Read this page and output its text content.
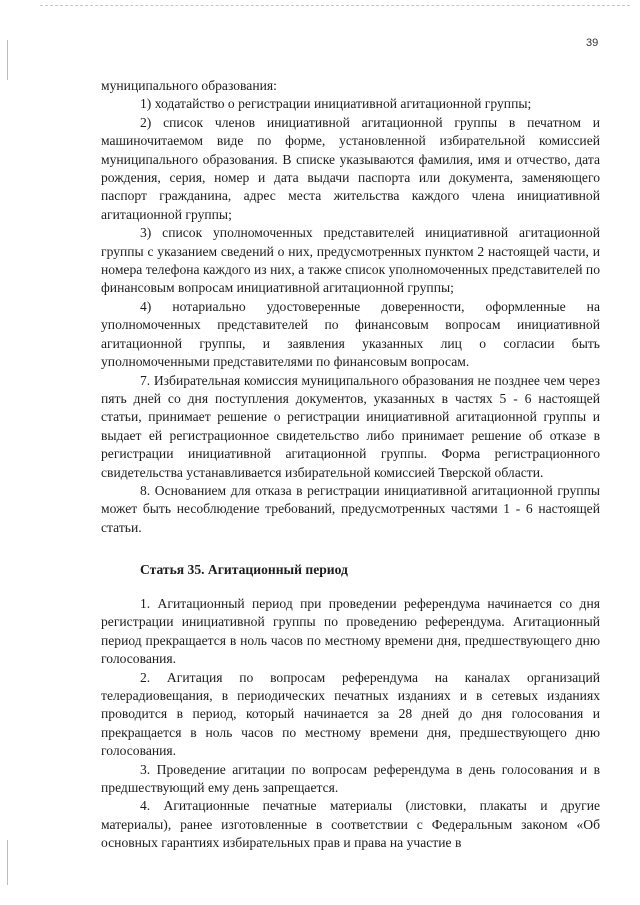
39

муниципального образования:

1) ходатайство о регистрации инициативной агитационной группы;

2) список членов инициативной агитационной группы в печатном и машиночитаемом виде по форме, установленной избирательной комиссией муниципального образования. В списке указываются фамилия, имя и отчество, дата рождения, серия, номер и дата выдачи паспорта или документа, заменяющего паспорт гражданина, адрес места жительства каждого члена инициативной агитационной группы;

3) список уполномоченных представителей инициативной агитационной группы с указанием сведений о них, предусмотренных пунктом 2 настоящей части, и номера телефона каждого из них, а также список уполномоченных представителей по финансовым вопросам инициативной агитационной группы;

4) нотариально удостоверенные доверенности, оформленные на уполномоченных представителей по финансовым вопросам инициативной агитационной группы, и заявления указанных лиц о согласии быть уполномоченными представителями по финансовым вопросам.

7. Избирательная комиссия муниципального образования не позднее чем через пять дней со дня поступления документов, указанных в частях 5 - 6 настоящей статьи, принимает решение о регистрации инициативной агитационной группы и выдает ей регистрационное свидетельство либо принимает решение об отказе в регистрации инициативной агитационной группы. Форма регистрационного свидетельства устанавливается избирательной комиссией Тверской области.

8. Основанием для отказа в регистрации инициативной агитационной группы может быть несоблюдение требований, предусмотренных частями 1 - 6 настоящей статьи.

Статья 35. Агитационный период

1. Агитационный период при проведении референдума начинается со дня регистрации инициативной группы по проведению референдума. Агитационный период прекращается в ноль часов по местному времени дня, предшествующего дню голосования.

2. Агитация по вопросам референдума на каналах организаций телерадиовещания, в периодических печатных изданиях и в сетевых изданиях проводится в период, который начинается за 28 дней до дня голосования и прекращается в ноль часов по местному времени дня, предшествующего дню голосования.

3. Проведение агитации по вопросам референдума в день голосования и в предшествующий ему день запрещается.

4. Агитационные печатные материалы (листовки, плакаты и другие материалы), ранее изготовленные в соответствии с Федеральным законом «Об основных гарантиях избирательных прав и права на участие в
